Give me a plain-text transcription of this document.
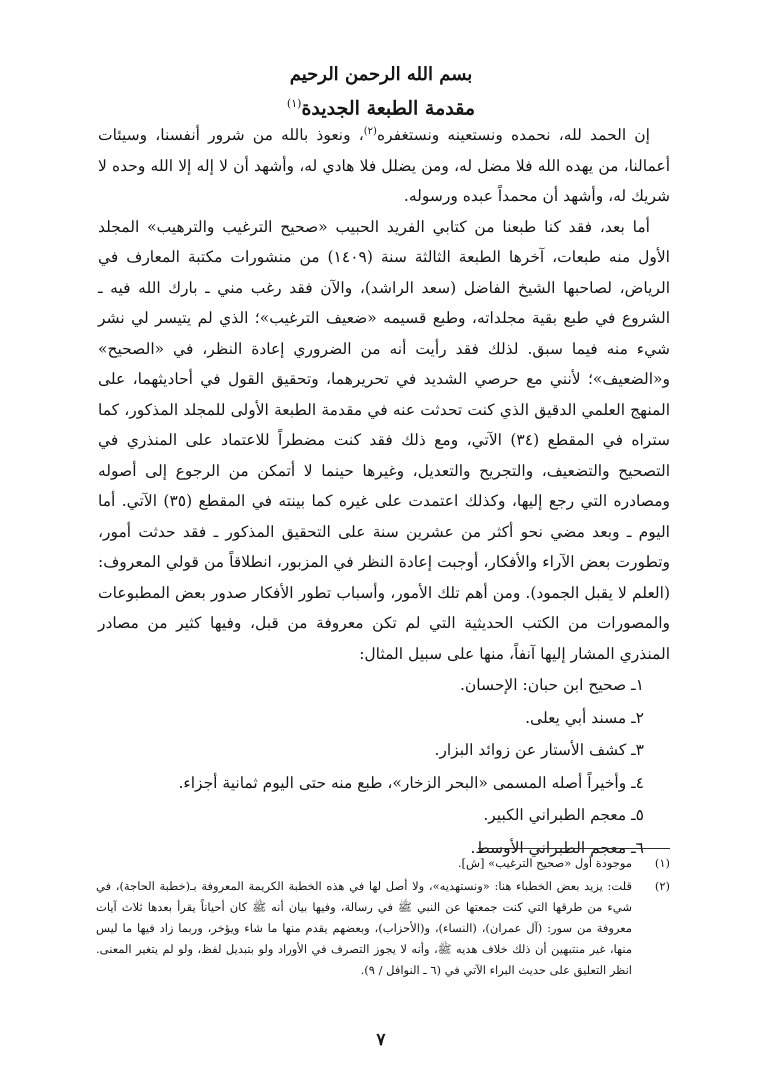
بسم الله الرحمن الرحيم
مقدمة الطبعة الجديدة$^{(١)}$

إن الحمد لله، نحمده ونستعينه ونستغفره$^{(٢)}$، ونعوذ بالله من شرور أنفسنا، وسيئات أعمالنا، من يهده الله فلا مضل له، ومن يضلل فلا هادي له، وأشهد أن لا إله إلا الله وحده لا شريك له، وأشهد أن محمداً عبده ورسوله.

أما بعد، فقد كنا طبعنا من كتابي الفريد الحبيب «صحيح الترغيب والترهيب» المجلد الأول منه طبعات، آخرها الطبعة الثالثة سنة (١٤٠٩) من منشورات مكتبة المعارف في الرياض، لصاحبها الشيخ الفاضل (سعد الراشد)، والآن فقد رغب مني ـ بارك الله فيه ـ الشروع في طبع بقية مجلداته، وطبع قسيمه «ضعيف الترغيب»؛ الذي لم يتيسر لي نشر شيء منه فيما سبق. لذلك فقد رأيت أنه من الضروري إعادة النظر، في «الصحيح» و«الضعيف»؛ لأنني مع حرصي الشديد في تحريرهما، وتحقيق القول في أحاديثهما، على المنهج العلمي الدقيق الذي كنت تحدثت عنه في مقدمة الطبعة الأولى للمجلد المذكور، كما ستراه في المقطع (٣٤) الآتي، ومع ذلك فقد كنت مضطراً للاعتماد على المنذري في التصحيح والتضعيف، والتجريح والتعديل، وغيرها حينما لا أتمكن من الرجوع إلى أصوله ومصادره التي رجع إليها، وكذلك اعتمدت على غيره كما بينته في المقطع (٣٥) الآتي. أما اليوم ـ وبعد مضي نحو أكثر من عشرين سنة على التحقيق المذكور ـ فقد حدثت أمور، وتطورت بعض الآراء والأفكار، أوجبت إعادة النظر في المزبور، انطلاقاً من قولي المعروف: (العلم لا يقبل الجمود). ومن أهم تلك الأمور، وأسباب تطور الأفكار صدور بعض المطبوعات والمصورات من الكتب الحديثية التي لم تكن معروفة من قبل، وفيها كثير من مصادر المنذري المشار إليها آنفاً، منها على سبيل المثال:

١ـ صحيح ابن حبان: الإحسان.
٢ـ مسند أبي يعلى.
٣ـ كشف الأستار عن زوائد البزار.
٤ـ وأخيراً أصله المسمى «البحر الزخار»، طبع منه حتى اليوم ثمانية أجزاء.
٥ـ معجم الطبراني الكبير.
٦ـ معجم الطبراني الأوسط.
(١)
موجودة أول «صحيح الترغيب» [ش].
(٢)
قلت: يزيد بعض الخطباء هنا: «ونستهديه»، ولا أصل لها في هذه الخطبة الكريمة المعروفة بـ(خطبة الحاجة)، في شيء من طرقها التي كنت جمعتها عن النبي ﷺ في رسالة، وفيها بيان أنه ﷺ كان أحياناً يقرأ بعدها ثلاث آيات معروفة من سور: (آل عمران)، (النساء)، و(الأحزاب)، وبعضهم يقدم منها ما شاء ويؤخر، وربما زاد فيها ما ليس منها، غير منتبهين أن ذلك خلاف هديه ﷺ، وأنه لا يجوز التصرف في الأوراد ولو بتبديل لفظ، ولو لم يتغير المعنى. انظر التعليق على حديث البراء الآتي في (٦ ـ النوافل / ٩).
٧
